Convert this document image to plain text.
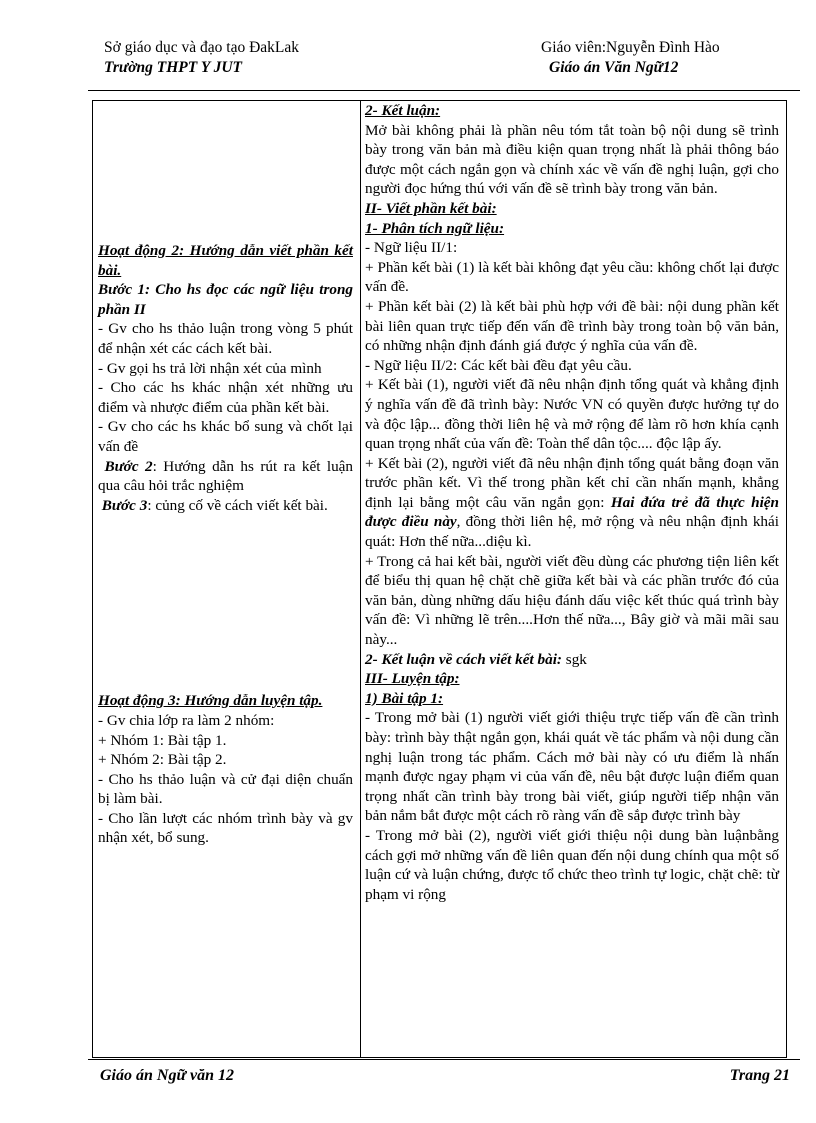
Sở giáo dục và đạo tạo ĐakLak
Trường THPT Y JUT
Giáo viên:Nguyễn Đình Hào
Giáo án Văn Ngữ12

Hoạt động 2: Hướng dẫn viết phần kết bài.

Bước 1: Cho hs đọc các ngữ liệu trong phần II

- Gv cho hs thảo luận trong vòng 5 phút để nhận xét các cách kết bài.

- Gv gọi hs trả lời nhận xét của mình

- Cho các hs khác nhận xét những ưu điểm và nhược điểm của phần kết bài.

- Gv cho các hs khác bổ sung và chốt lại vấn đề

Bước 2: Hướng dẫn hs rút ra kết luận qua câu hỏi trắc nghiệm

Bước 3: củng cố về cách viết kết bài.

Hoạt động 3: Hướng dẫn luyện tập.

- Gv chia lớp ra làm 2 nhóm:

+ Nhóm 1: Bài tập 1.

+ Nhóm 2: Bài tập 2.

- Cho hs thảo luận và cử đại diện chuẩn bị làm bài.

- Cho lần lượt các nhóm trình bày và gv nhận xét, bổ sung.

2- Kết luận:

Mở bài không phải là phần nêu tóm tắt toàn bộ nội dung sẽ trình bày trong văn bản mà điều kiện quan trọng nhất là phải thông báo được một cách ngắn gọn và chính xác về vấn đề nghị luận, gợi cho người đọc hứng thú với vấn đề sẽ trình bày trong văn bản.

II- Viết phần kết bài:

1- Phân tích ngữ liệu:

- Ngữ liệu II/1:

+ Phần kết bài (1) là kết bài không đạt yêu cầu: không chốt lại được vấn đề.

+ Phần kết bài (2) là kết bài phù hợp với đề bài: nội dung phần kết bài liên quan trực tiếp đến vấn đề trình bày trong toàn bộ văn bản, có những nhận định đánh giá được ý nghĩa của vấn đề.

- Ngữ liệu II/2: Các kết bài đều đạt yêu cầu.

+ Kết bài (1), người viết đã nêu nhận định tổng quát và khẳng định ý nghĩa vấn đề đã trình bày: Nước VN có quyền được hưởng tự do và độc lập... đồng thời liên hệ và mở rộng để làm rõ hơn khía cạnh quan trọng nhất của vấn đề: Toàn thể dân tộc.... độc lập ấy.

+ Kết bài (2), người viết đã nêu nhận định tổng quát bằng đoạn văn trước phần kết. Vì thế trong phần kết chỉ cần nhấn mạnh, khẳng định lại bằng một câu văn ngắn gọn: Hai đứa trẻ đã thực hiện được điều này, đồng thời liên hệ, mở rộng và nêu nhận định khái quát: Hơn thế nữa...diệu kì.

+ Trong cả hai kết bài, người viết đều dùng các phương tiện liên kết để biểu thị quan hệ chặt chẽ giữa kết bài và các phần trước đó của văn bản, dùng những dấu hiệu đánh dấu việc kết thúc quá trình bày vấn đề: Vì những lẽ trên....Hơn thế nữa..., Bây giờ và mãi mãi sau này...

2- Kết luận về cách viết kết bài: sgk

III- Luyện tập:

1) Bài tập 1:

- Trong mở bài (1) người viết giới thiệu trực tiếp vấn đề cần trình bày: trình bày thật ngắn gọn, khái quát về tác phẩm và nội dung cần nghị luận trong tác phẩm. Cách mở bài này có ưu điểm là nhấn mạnh được ngay phạm vi của vấn đề, nêu bật được luận điểm quan trọng nhất cần trình bày trong bài viết, giúp người tiếp nhận văn bản nắm bắt được một cách rõ ràng vấn đề sắp được trình bày

- Trong mở bài (2), người viết giới thiệu nội dung bàn luậnbằng cách gợi mở những vấn đề liên quan đến nội dung chính qua một số luận cứ và luận chứng, được tổ chức theo trình tự logic, chặt chẽ: từ phạm vi rộng

Giáo án Ngữ văn 12	Trang 21
